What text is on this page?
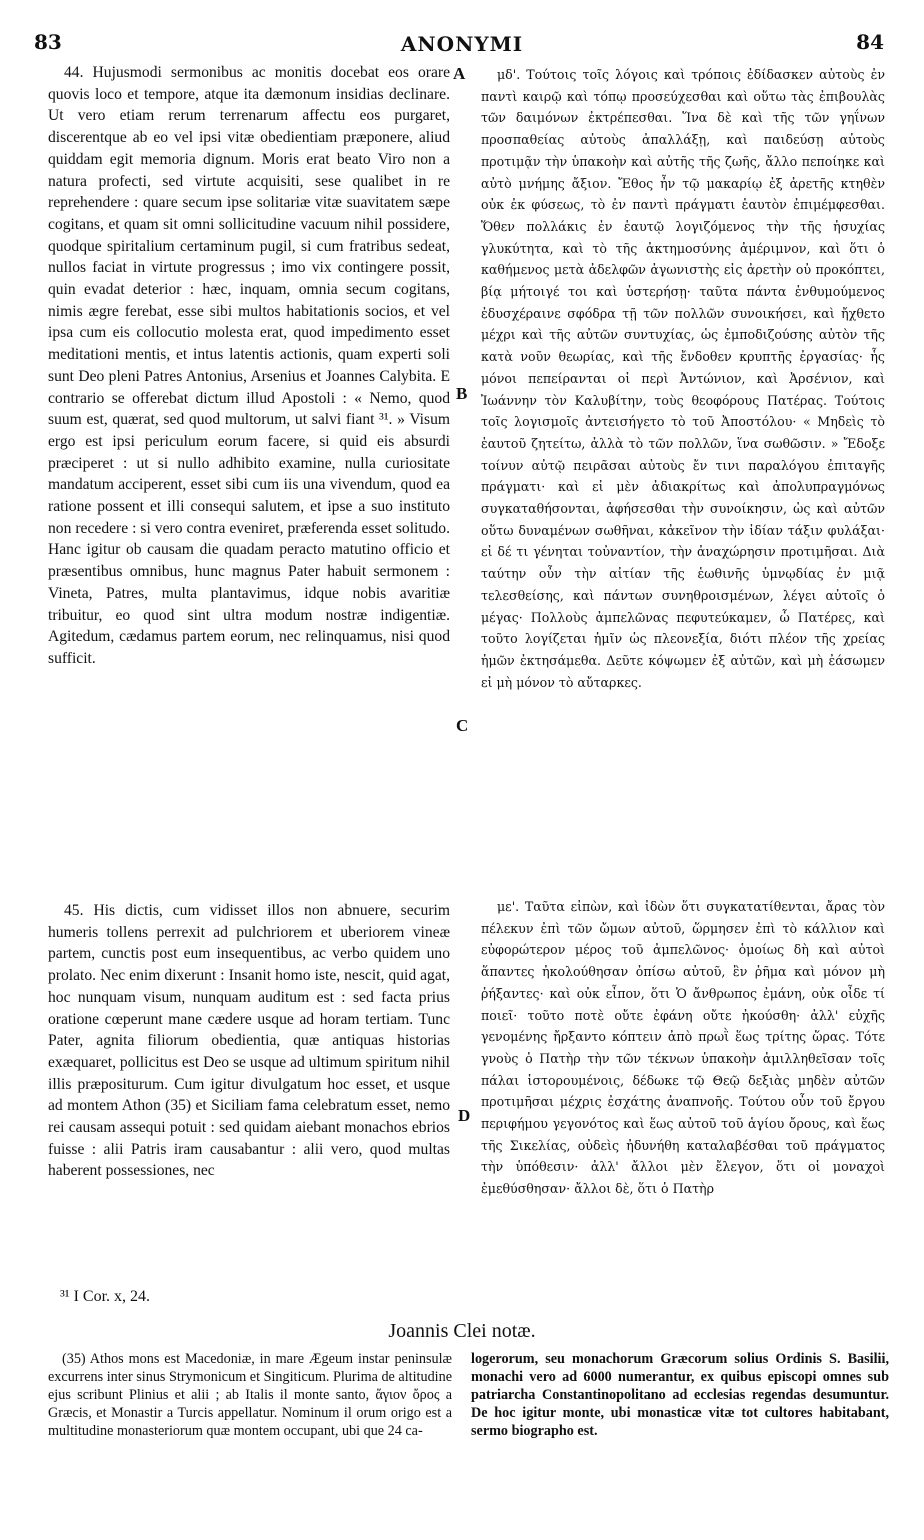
83	ANONYMI	84

44. Hujusmodi sermonibus ac monitis docebat eos orare quovis loco et tempore, atque ita dæmonum insidias declinare. Ut vero etiam rerum terrenarum affectu eos purgaret, discerentque ab eo vel ipsi vitæ obedientiam præponere, aliud quiddam egit memoria dignum. Moris erat beato Viro non a natura profecti, sed virtute acquisiti, sese qualibet in re reprehendere : quare secum ipse solitariæ vitæ suavitatem sæpe cogitans, et quam sit omni sollicitudine vacuum nihil possidere, quodque spiritalium certaminum pugil, si cum fratribus sedeat, nullos faciat in virtute progressus ; imo vix contingere possit, quin evadat deterior : hæc, inquam, omnia secum cogitans, nimis ægre ferebat, esse sibi multos habitationis socios, et vel ipsa cum eis collocutio molesta erat, quod impedimento esset meditationi mentis, et intus latentis actionis, quam experti soli sunt Deo pleni Patres Antonius, Arsenius et Joannes Calybita. E contrario se offerebat dictum illud Apostoli : « Nemo, quod suum est, quærat, sed quod multorum, ut salvi fiant ³¹. » Visum ergo est ipsi periculum eorum facere, si quid eis absurdi præciperet : ut si nullo adhibito examine, nulla curiositate mandatum acciperent, esset sibi cum iis una vivendum, quod ea ratione possent et illi consequi salutem, et ipse a suo instituto non recedere : si vero contra eveniret, præferenda esset solitudo. Hanc igitur ob causam die quadam peracto matutino officio et præsentibus omnibus, hunc magnus Pater habuit sermonem : Vineta, Patres, multa plantavimus, idque nobis avaritiæ tribuitur, eo quod sint ultra modum nostræ indigentiæ. Agitedum, cædamus partem eorum, nec relinquamus, nisi quod sufficit.

45. His dictis, cum vidisset illos non abnuere, securim humeris tollens perrexit ad pulchriorem et uberiorem vineæ partem, cunctis post eum insequentibus, ac verbo quidem uno prolato. Nec enim dixerunt : Insanit homo iste, nescit, quid agat, hoc nunquam visum, nunquam auditum est : sed facta prius oratione cœperunt mane cædere usque ad horam tertiam. Tunc Pater, agnita filiorum obedientia, quæ antiquas historias exæquaret, pollicitus est Deo se usque ad ultimum spiritum nihil illis præpositurum. Cum igitur divulgatum hoc esset, et usque ad montem Athon (35) et Siciliam fama celebratum esset, nemo rei causam assequi potuit : sed quidam aiebant monachos ebrios fuisse : alii Patris iram causabantur : alii vero, quod multas haberent possessiones, nec

μδ'. Τούτοις τοῖς λόγοις καὶ τρόποις ἐδίδασκεν αὐτοὺς ἐν παντὶ καιρῷ καὶ τόπῳ προσεύχεσθαι καὶ οὕτω τὰς ἐπιβουλὰς τῶν δαιμόνων ἐκτρέπεσθαι. Ἵνα δὲ καὶ τῆς τῶν γηΐνων προσπαθείας αὐτοὺς ἀπαλλάξῃ, καὶ παιδεύσῃ αὐτοὺς προτιμᾷν τὴν ὑπακοὴν καὶ αὐτῆς τῆς ζωῆς, ἄλλο πεποίηκε καὶ αὐτὸ μνήμης ἄξιον. Ἔθος ἦν τῷ μακαρίῳ ἐξ ἀρετῆς κτηθὲν οὐκ ἐκ φύσεως, τὸ ἐν παντὶ πράγματι ἑαυτὸν ἐπιμέμφεσθαι. Ὅθεν πολλάκις ἐν ἑαυτῷ λογιζόμενος τὴν τῆς ἡσυχίας γλυκύτητα, καὶ τὸ τῆς ἀκτημοσύνης ἀμέριμνον, καὶ ὅτι ὁ καθήμενος μετὰ ἀδελφῶν ἀγωνιστὴς εἰς ἀρετὴν οὐ προκόπτει, βίᾳ μήτοιγέ τοι καὶ ὑστερήσῃ· ταῦτα πάντα ἐνθυμούμενος ἐδυσχέραινε σφόδρα τῇ τῶν πολλῶν συνοικήσει, καὶ ἤχθετο μέχρι καὶ τῆς αὐτῶν συντυχίας, ὡς ἐμποδιζούσης αὐτὸν τῆς κατὰ νοῦν θεωρίας, καὶ τῆς ἔνδοθεν κρυπτῆς ἐργασίας· ἧς μόνοι πεπείρανται οἱ περὶ Ἀντώνιον, καὶ Ἀρσένιον, καὶ Ἰωάννην τὸν Καλυβίτην, τοὺς θεοφόρους Πατέρας. Τούτοις τοῖς λογισμοῖς ἀντεισήγετο τὸ τοῦ Ἀποστόλου· « Μηδεὶς τὸ ἑαυτοῦ ζητείτω, ἀλλὰ τὸ τῶν πολλῶν, ἵνα σωθῶσιν. » Ἔδοξε τοίνυν αὐτῷ πειρᾶσαι αὐτοὺς ἔν τινι παραλόγου ἐπιταγῆς πράγματι· καὶ εἰ μὲν ἀδιακρίτως καὶ ἀπολυπραγμόνως συγκαταθήσονται, ἀφήσεσθαι τὴν συνοίκησιν, ὡς καὶ αὐτῶν οὕτω δυναμένων σωθῆναι, κἀκεῖνον τὴν ἰδίαν τάξιν φυλάξαι· εἰ δέ τι γένηται τοὐναντίον, τὴν ἀναχώρησιν προτιμῆσαι. Διὰ ταύτην οὖν τὴν αἰτίαν τῆς ἑωθινῆς ὑμνῳδίας ἐν μιᾷ τελεσθείσης, καὶ πάντων συνηθροισμένων, λέγει αὐτοῖς ὁ μέγας· Πολλοὺς ἀμπελῶνας πεφυτεύκαμεν, ὦ Πατέρες, καὶ τοῦτο λογίζεται ἡμῖν ὡς πλεονεξία, διότι πλέον τῆς χρείας ἡμῶν ἐκτησάμεθα. Δεῦτε κόψωμεν ἐξ αὐτῶν, καὶ μὴ ἐάσωμεν εἰ μὴ μόνον τὸ αὔταρκες.

με'. Ταῦτα εἰπὼν, καὶ ἰδὼν ὅτι συγκατατίθενται, ἄρας τὸν πέλεκυν ἐπὶ τῶν ὤμων αὐτοῦ, ὥρμησεν ἐπὶ τὸ κάλλιον καὶ εὐφορώτερον μέρος τοῦ ἀμπελῶνος· ὁμοίως δὴ καὶ αὐτοὶ ἅπαντες ἠκολούθησαν ὀπίσω αὐτοῦ, ἓν ῥῆμα καὶ μόνον μὴ ῥήξαντες· καὶ οὐκ εἶπον, ὅτι Ὁ ἄνθρωπος ἐμάνη, οὐκ οἶδε τί ποιεῖ· τοῦτο ποτὲ οὔτε ἐφάνη οὔτε ἠκούσθη· ἀλλ' εὐχῆς γενομένης ἤρξαντο κόπτειν ἀπὸ πρωῒ ἕως τρίτης ὥρας. Τότε γνοὺς ὁ Πατὴρ τὴν τῶν τέκνων ὑπακοὴν ἁμιλληθεῖσαν τοῖς πάλαι ἱστορουμένοις, δέδωκε τῷ Θεῷ δεξιὰς μηδὲν αὐτῶν προτιμῆσαι μέχρις ἐσχάτης ἀναπνοῆς. Τούτου οὖν τοῦ ἔργου περιφήμου γεγονότος καὶ ἕως αὐτοῦ τοῦ ἁγίου ὄρους, καὶ ἕως τῆς Σικελίας, οὐδεὶς ἠδυνήθη καταλαβέσθαι τοῦ πράγματος τὴν ὑπόθεσιν· ἀλλ' ἄλλοι μὲν ἔλεγον, ὅτι οἱ μοναχοὶ ἐμεθύσθησαν· ἄλλοι δὲ, ὅτι ὁ Πατὴρ

A
B
C
D
³¹ I Cor. x, 24.
Joannis Clei notæ.

(35) Athos mons est Macedoniæ, in mare Ægeum instar peninsulæ excurrens inter sinus Strymonicum et Singiticum. Plurima de altitudine ejus scribunt Plinius et alii ; ab Italis il monte santo, ἅγιον ὄρος a Græcis, et Monastir a Turcis appellatur. Nominum il orum origo est a multitudine monasteriorum quæ montem occupant, ubi que 24 ca-

logerorum, seu monachorum Græcorum solius Ordinis S. Basilii, monachi vero ad 6000 numerantur, ex quibus episcopi omnes sub patriarcha Constantinopolitano ad ecclesias regendas desumuntur. De hoc igitur monte, ubi monasticæ vitæ tot cultores habitabant, sermo biographo est.
